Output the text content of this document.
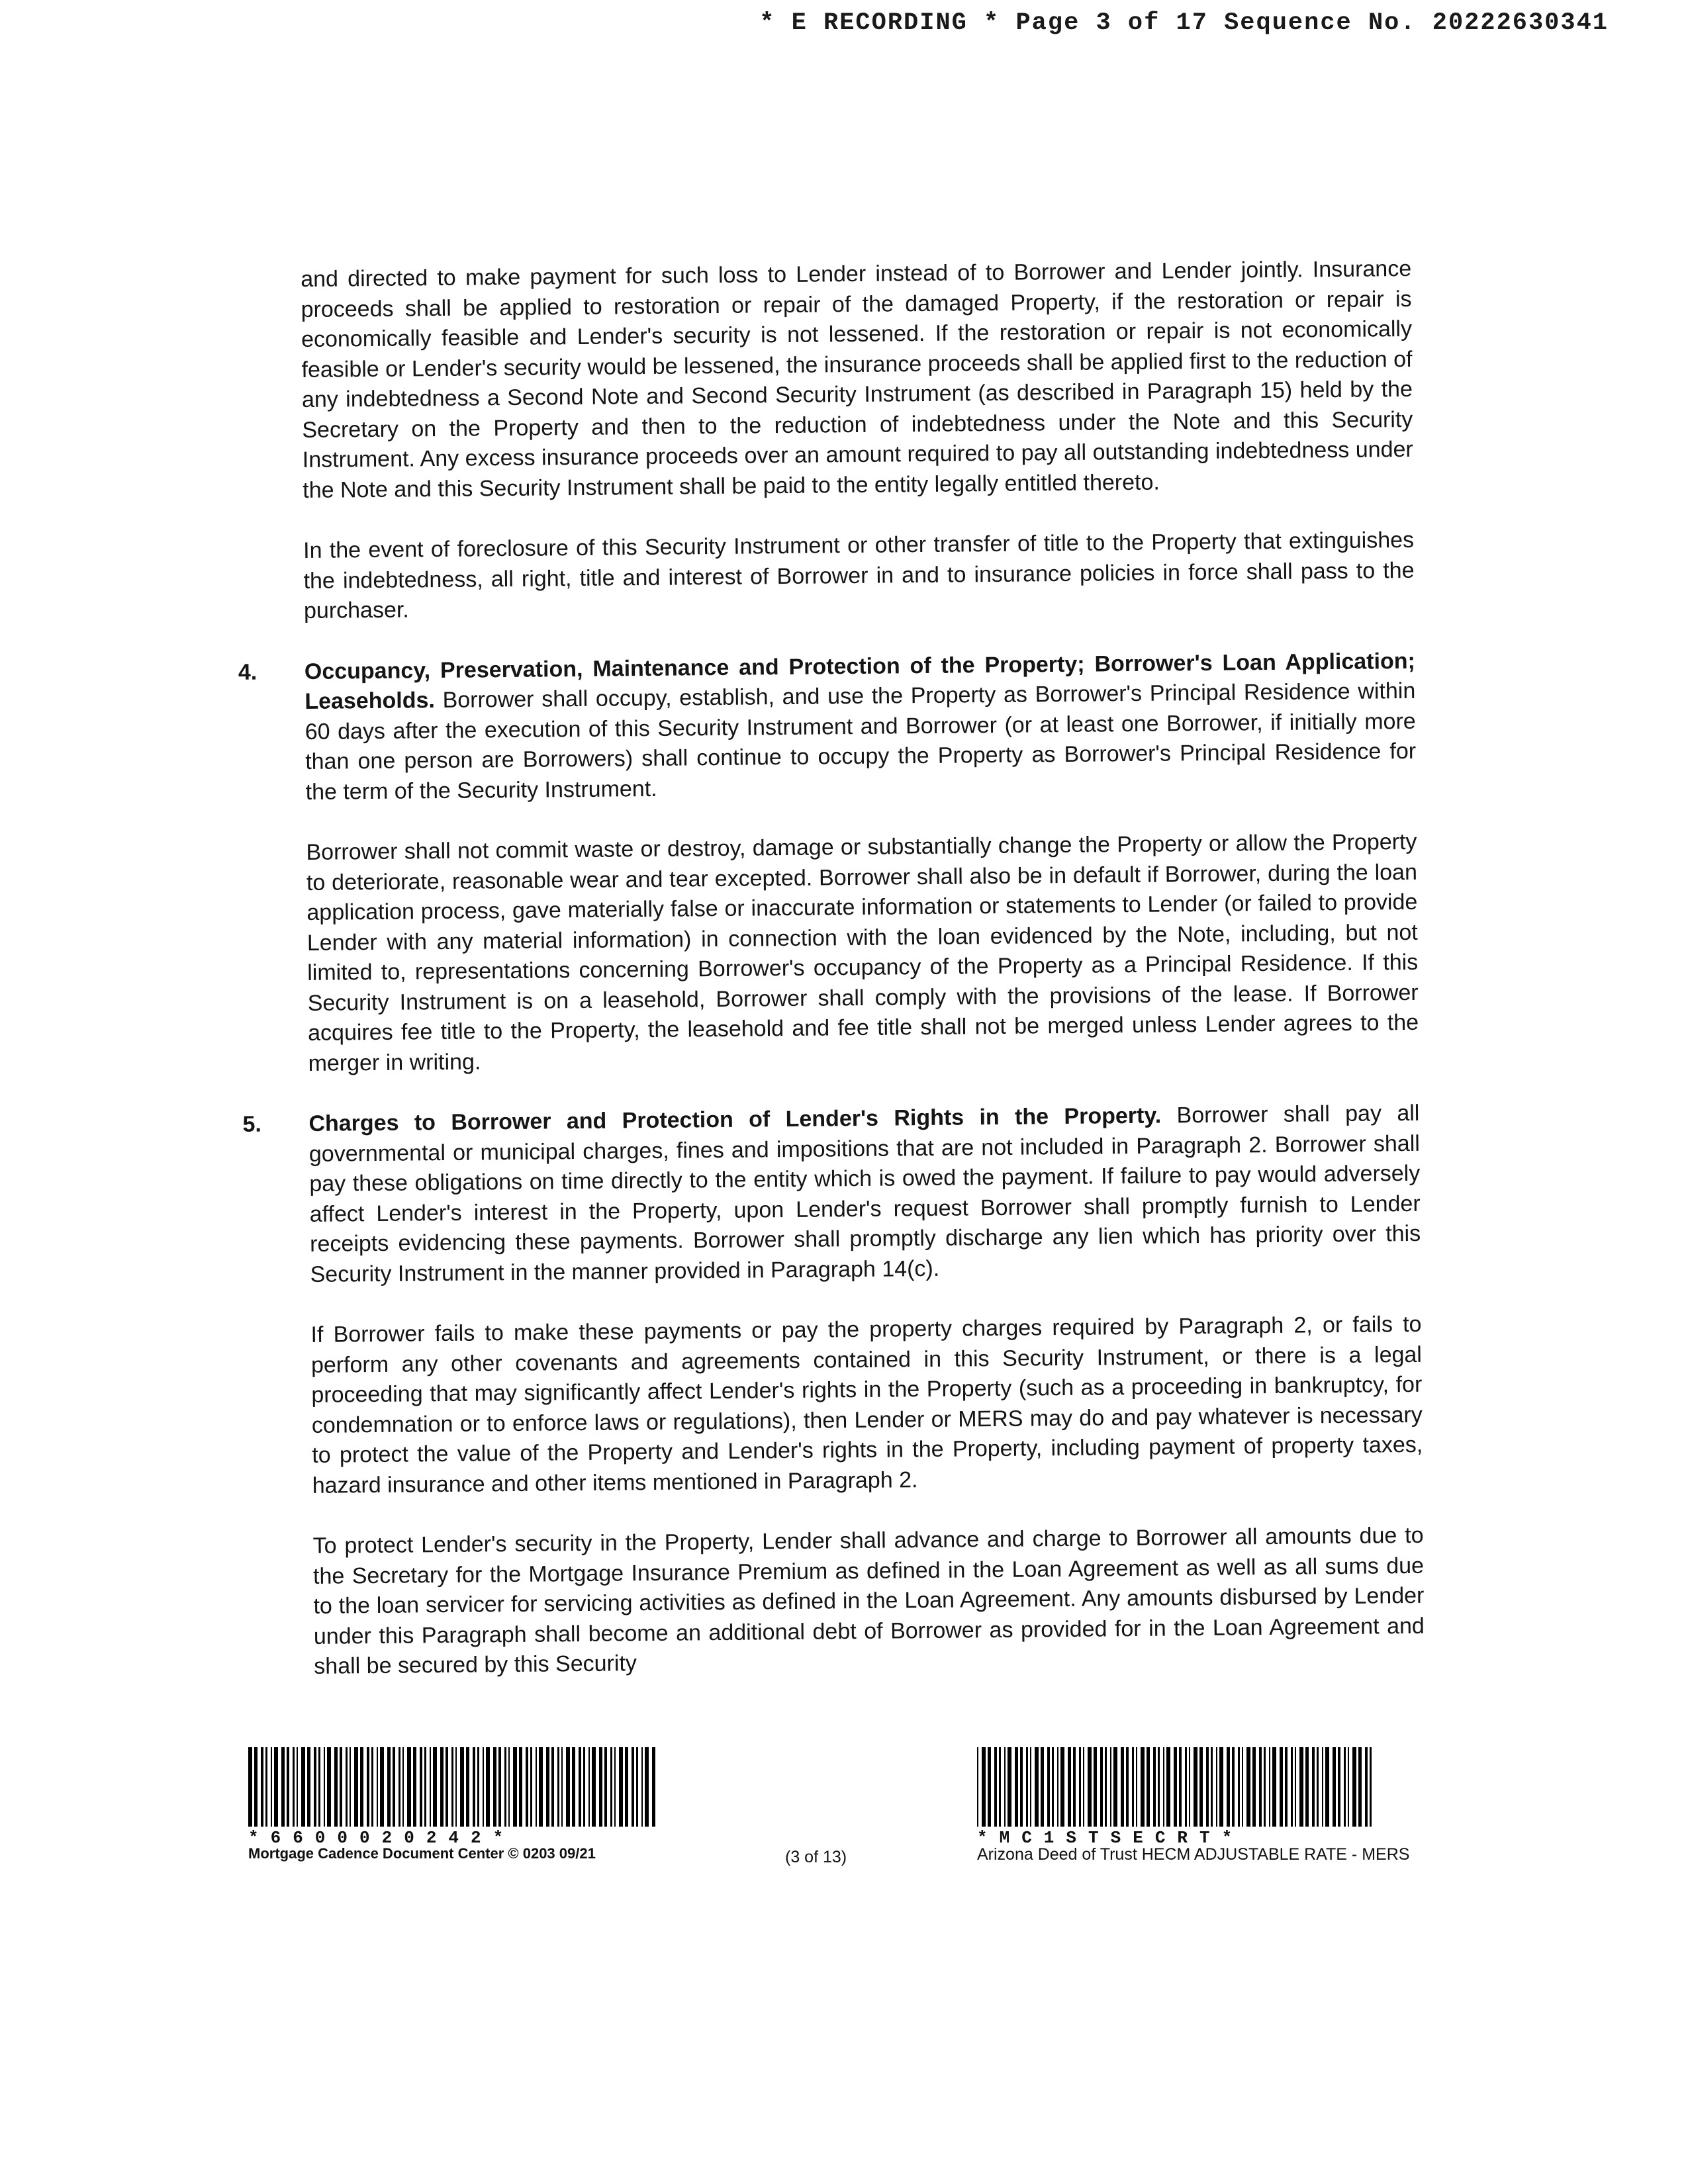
* E RECORDING * Page 3 of 17 Sequence No. 20222630341

and directed to make payment for such loss to Lender instead of to Borrower and Lender jointly. Insurance proceeds shall be applied to restoration or repair of the damaged Property, if the restoration or repair is economically feasible and Lender's security is not lessened. If the restoration or repair is not economically feasible or Lender's security would be lessened, the insurance proceeds shall be applied first to the reduction of any indebtedness a Second Note and Second Security Instrument (as described in Paragraph 15) held by the Secretary on the Property and then to the reduction of indebtedness under the Note and this Security Instrument. Any excess insurance proceeds over an amount required to pay all outstanding indebtedness under the Note and this Security Instrument shall be paid to the entity legally entitled thereto.

In the event of foreclosure of this Security Instrument or other transfer of title to the Property that extinguishes the indebtedness, all right, title and interest of Borrower in and to insurance policies in force shall pass to the purchaser.

4. Occupancy, Preservation, Maintenance and Protection of the Property; Borrower's Loan Application; Leaseholds. Borrower shall occupy, establish, and use the Property as Borrower's Principal Residence within 60 days after the execution of this Security Instrument and Borrower (or at least one Borrower, if initially more than one person are Borrowers) shall continue to occupy the Property as Borrower's Principal Residence for the term of the Security Instrument.

Borrower shall not commit waste or destroy, damage or substantially change the Property or allow the Property to deteriorate, reasonable wear and tear excepted. Borrower shall also be in default if Borrower, during the loan application process, gave materially false or inaccurate information or statements to Lender (or failed to provide Lender with any material information) in connection with the loan evidenced by the Note, including, but not limited to, representations concerning Borrower's occupancy of the Property as a Principal Residence. If this Security Instrument is on a leasehold, Borrower shall comply with the provisions of the lease. If Borrower acquires fee title to the Property, the leasehold and fee title shall not be merged unless Lender agrees to the merger in writing.

5. Charges to Borrower and Protection of Lender's Rights in the Property. Borrower shall pay all governmental or municipal charges, fines and impositions that are not included in Paragraph 2. Borrower shall pay these obligations on time directly to the entity which is owed the payment. If failure to pay would adversely affect Lender's interest in the Property, upon Lender's request Borrower shall promptly furnish to Lender receipts evidencing these payments. Borrower shall promptly discharge any lien which has priority over this Security Instrument in the manner provided in Paragraph 14(c).

If Borrower fails to make these payments or pay the property charges required by Paragraph 2, or fails to perform any other covenants and agreements contained in this Security Instrument, or there is a legal proceeding that may significantly affect Lender's rights in the Property (such as a proceeding in bankruptcy, for condemnation or to enforce laws or regulations), then Lender or MERS may do and pay whatever is necessary to protect the value of the Property and Lender's rights in the Property, including payment of property taxes, hazard insurance and other items mentioned in Paragraph 2.

To protect Lender's security in the Property, Lender shall advance and charge to Borrower all amounts due to the Secretary for the Mortgage Insurance Premium as defined in the Loan Agreement as well as all sums due to the loan servicer for servicing activities as defined in the Loan Agreement. Any amounts disbursed by Lender under this Paragraph shall become an additional debt of Borrower as provided for in the Loan Agreement and shall be secured by this Security

*6600020242*
Mortgage Cadence Document Center © 0203 09/21	(3 of 13)
*MC1STSECRT*
Arizona Deed of Trust HECM ADJUSTABLE RATE - MERS
